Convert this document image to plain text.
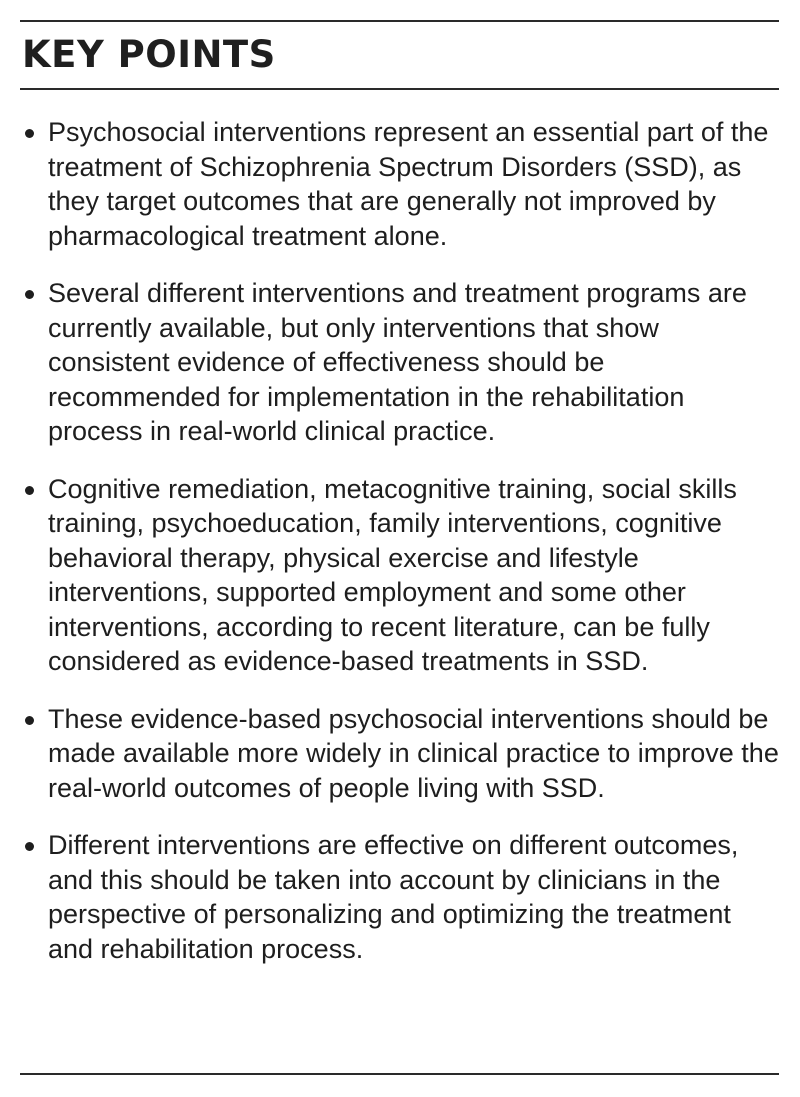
KEY POINTS
Psychosocial interventions represent an essential part of the treatment of Schizophrenia Spectrum Disorders (SSD), as they target outcomes that are generally not improved by pharmacological treatment alone.
Several different interventions and treatment programs are currently available, but only interventions that show consistent evidence of effectiveness should be recommended for implementation in the rehabilitation process in real-world clinical practice.
Cognitive remediation, metacognitive training, social skills training, psychoeducation, family interventions, cognitive behavioral therapy, physical exercise and lifestyle interventions, supported employment and some other interventions, according to recent literature, can be fully considered as evidence-based treatments in SSD.
These evidence-based psychosocial interventions should be made available more widely in clinical practice to improve the real-world outcomes of people living with SSD.
Different interventions are effective on different outcomes, and this should be taken into account by clinicians in the perspective of personalizing and optimizing the treatment and rehabilitation process.
